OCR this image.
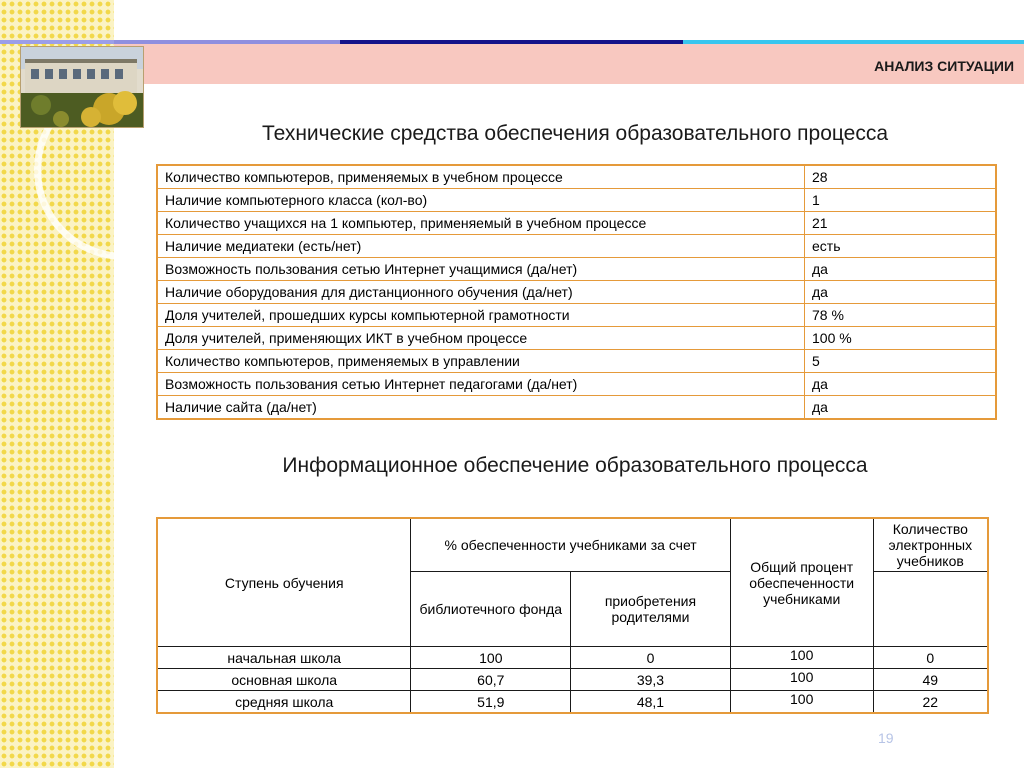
АНАЛИЗ СИТУАЦИИ
Технические средства обеспечения образовательного процесса
Количество компьютеров, применяемых в учебном процессе	28
Наличие компьютерного класса (кол-во)	1
Количество учащихся на 1 компьютер, применяемый в учебном процессе	21
Наличие медиатеки (есть/нет)	есть
Возможность пользования сетью Интернет учащимися (да/нет)	да
Наличие оборудования для дистанционного обучения (да/нет)	да
Доля учителей, прошедших курсы компьютерной грамотности	78 %
Доля учителей, применяющих ИКТ в учебном процессе	100 %
Количество компьютеров, применяемых в управлении	5
Возможность пользования сетью Интернет педагогами (да/нет)	да
Наличие сайта (да/нет)	да
Информационное обеспечение образовательного процесса
Ступень обучения	% обеспеченности учебниками за счет		Общий процент обеспеченности учебниками	Количество электронных учебников
	библиотечного фонда	приобретения родителями		
начальная школа	100	0	100	0
основная школа	60,7	39,3	100	49
средняя школа	51,9	48,1	100	22
19
